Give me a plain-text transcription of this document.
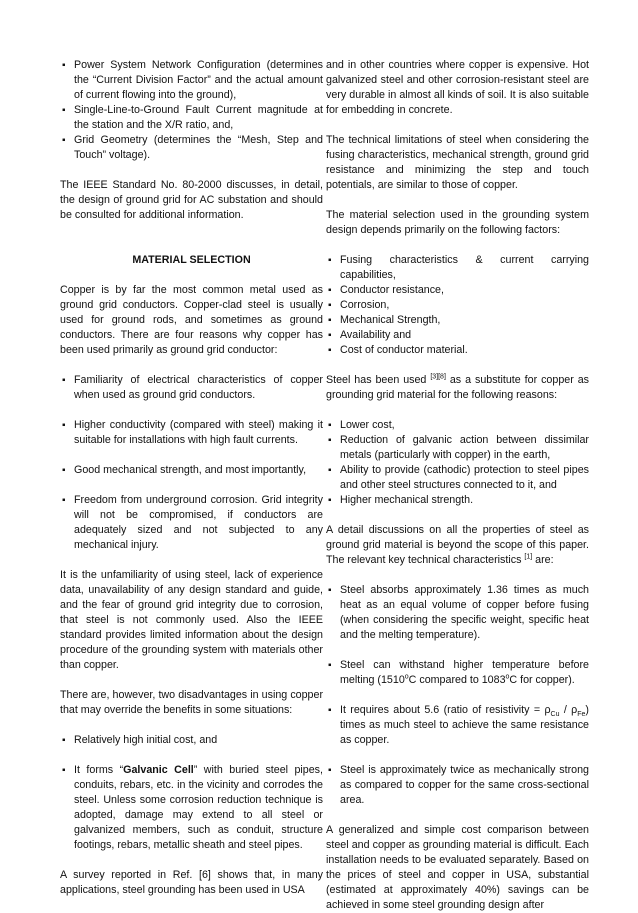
▪ Power System Network Configuration (determines the “Current Division Factor” and the actual amount of current flowing into the ground),
▪ Single-Line-to-Ground Fault Current magnitude at the station and the X/R ratio, and,
▪ Grid Geometry (determines the “Mesh, Step and Touch” voltage).

The IEEE Standard No. 80-2000 discusses, in detail, the design of ground grid for AC substation and should be consulted for additional information.

MATERIAL SELECTION

Copper is by far the most common metal used as ground grid conductors. Copper-clad steel is usually used for ground rods, and sometimes as ground conductors. There are four reasons why copper has been used primarily as ground grid conductor:

▪ Familiarity of electrical characteristics of copper when used as ground grid conductors.
▪ Higher conductivity (compared with steel) making it suitable for installations with high fault currents.
▪ Good mechanical strength, and most importantly,
▪ Freedom from underground corrosion. Grid integrity will not be compromised, if conductors are adequately sized and not subjected to any mechanical injury.

It is the unfamiliarity of using steel, lack of experience data, unavailability of any design standard and guide, and the fear of ground grid integrity due to corrosion, that steel is not commonly used. Also the IEEE standard provides limited information about the design procedure of the grounding system with materials other than copper.

There are, however, two disadvantages in using copper that may override the benefits in some situations:

▪ Relatively high initial cost, and
▪ It forms “Galvanic Cell” with buried steel pipes, conduits, rebars, etc. in the vicinity and corrodes the steel. Unless some corrosion reduction technique is adopted, damage may extend to all steel or galvanized members, such as conduit, structure footings, rebars, metallic sheath and steel pipes.

A survey reported in Ref. [6] shows that, in many applications, steel grounding has been used in USA

and in other countries where copper is expensive. Hot galvanized steel and other corrosion-resistant steel are very durable in almost all kinds of soil. It is also suitable for embedding in concrete.

The technical limitations of steel when considering the fusing characteristics, mechanical strength, ground grid resistance and minimizing the step and touch potentials, are similar to those of copper.

The material selection used in the grounding system design depends primarily on the following factors:

▪ Fusing characteristics & current carrying capabilities,
▪ Conductor resistance,
▪ Corrosion,
▪ Mechanical Strength,
▪ Availability and
▪ Cost of conductor material.

Steel has been used [3][8] as a substitute for copper as grounding grid material for the following reasons:

▪ Lower cost,
▪ Reduction of galvanic action between dissimilar metals (particularly with copper) in the earth,
▪ Ability to provide (cathodic) protection to steel pipes and other steel structures connected to it, and
▪ Higher mechanical strength.

A detail discussions on all the properties of steel as ground grid material is beyond the scope of this paper. The relevant key technical characteristics [1] are:

▪ Steel absorbs approximately 1.36 times as much heat as an equal volume of copper before fusing (when considering the specific weight, specific heat and the melting temperature).
▪ Steel can withstand higher temperature before melting (1510$^o$C compared to 1083$^o$C for copper).
▪ It requires about 5.6 (ratio of resistivity = $\rho_{Cu} / \rho_{Fe}$) times as much steel to achieve the same resistance as copper.
▪ Steel is approximately twice as mechanically strong as compared to copper for the same cross-sectional area.

A generalized and simple cost comparison between steel and copper as grounding material is difficult. Each installation needs to be evaluated separately. Based on the prices of steel and copper in USA, substantial (estimated at approximately 40%) savings can be achieved in some steel grounding design after
